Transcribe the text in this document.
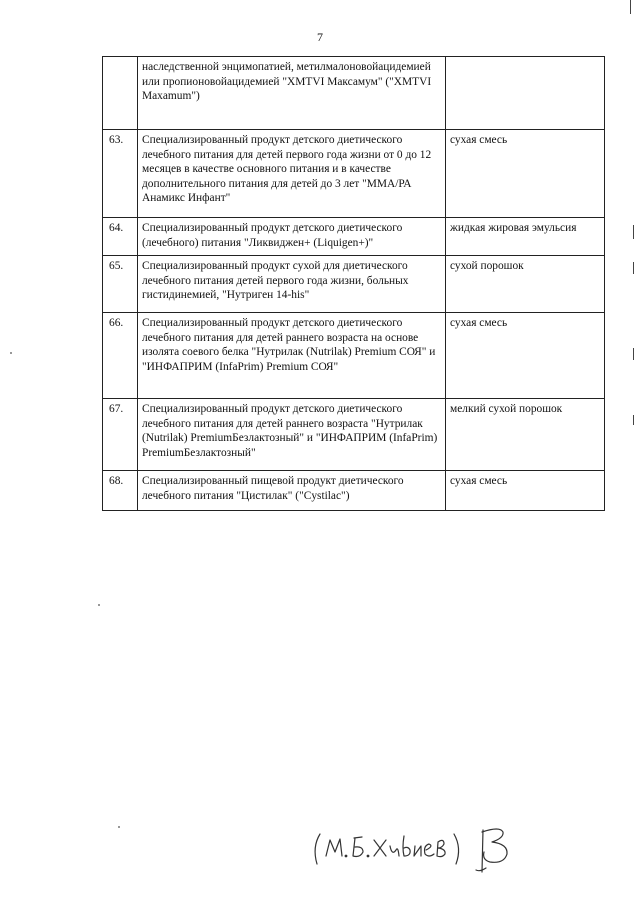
7
	наследственной энцимопатией, метилмалоновойацидемией или пропионовойацидемией "XMTVI Максамум" ("XMTVI Maxamum")	
63.	Специализированный продукт детского диетического лечебного питания для детей первого года жизни от 0 до 12 месяцев в качестве основного питания и в качестве дополнительного питания для детей до 3 лет "ММА/РА Анамикс Инфант"	сухая смесь
64.	Специализированный продукт детского диетического (лечебного) питания "Ликвиджен+ (Liquigen+)"	жидкая жировая эмульсия
65.	Специализированный продукт сухой для диетического лечебного питания детей первого года жизни, больных гистидинемией, "Нутриген 14-his"	сухой порошок
66.	Специализированный продукт детского диетического лечебного питания для детей раннего возраста на основе изолята соевого белка "Нутрилак (Nutrilak) Premium СОЯ" и "ИНФАПРИМ (InfaPrim) Premium СОЯ"	сухая смесь
67.	Специализированный продукт детского диетического лечебного питания для детей раннего возраста "Нутрилак (Nutrilak) PremiumБезлактозный" и "ИНФАПРИМ (InfaPrim) PremiumБезлактозный"	мелкий сухой порошок
68.	Специализированный пищевой продукт диетического лечебного питания "Цистилак" ("Cystilac")	сухая смесь
